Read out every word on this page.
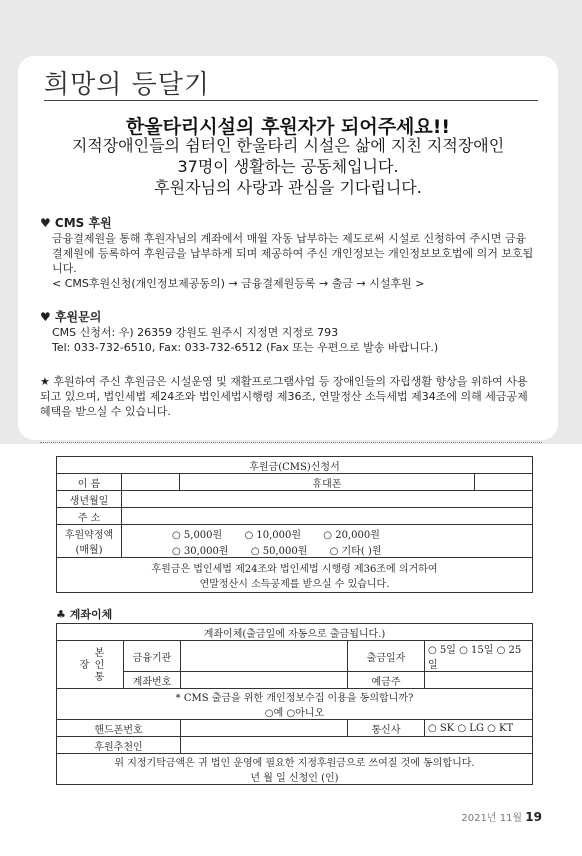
희망의 등달기
한울타리시설의 후원자가 되어주세요!!
지적장애인들의 쉼터인 한울타리 시설은 삶에 지친 지적장애인
37명이 생활하는 공동체입니다.
후원자님의 사랑과 관심을 기다립니다.
♥ CMS 후원
금융결제원을 통해 후원자님의 계좌에서 매월 자동 납부하는 제도로써 시설로 신청하여 주시면 금융결제원에 등록하여 후원금을 납부하게 되며 제공하여 주신 개인정보는 개인정보보호법에 의거 보호됩니다.
< CMS후원신청(개인정보제공동의) → 금융결제원등록 → 출금 → 시설후원 >
♥ 후원문의
CMS 신청서: 우) 26359 강원도 원주시 지정면 지정로 793
Tel: 033-732-6510, Fax: 033-732-6512 (Fax 또는 우편으로 발송 바랍니다.)
★ 후원하여 주신 후원금은 시설운영 및 재활프로그램사업 등 장애인들의 자립생활 향상을 위하여 사용되고 있으며, 법인세법 제24조와 법인세법시행령 제36조, 연말정산 소득세법 제34조에 의해 세금공제 혜택을 받으실 수 있습니다.
후원금(CMS)신청서			
이 름		휴대폰	
생년월일			
주 소			

후원약정액
(매월)	○ 5,000원 ○ 10,000원 ○ 20,000원		
	○ 30,000원 ○ 50,000원 ○ 기타( )원		

후원금은 법인세법 제24조와 법인세법 시행령 제36조에 의거하여
연말정산시 소득공제를 받으실 수 있습니다.			
♣ 계좌이체
계좌이체(출금일에 자동으로 출금됩니다.)				
본인통장	금융기관		출금일자	○ 5일 ○ 15일 ○ 25일
	계좌번호		예금주	

* CMS 출금을 위한 개인정보수집 이용을 동의합니까?
○예 ○아니오				

핸드폰번호			통신사	○ SK ○ LG ○ KT
후원추천인				

위 지정기탁금액은 귀 법인 운영에 필요한 지정후원금으로 쓰여질 것에 동의합니다.
년 월 일 신청인 (인)				
2021년 11월 19
